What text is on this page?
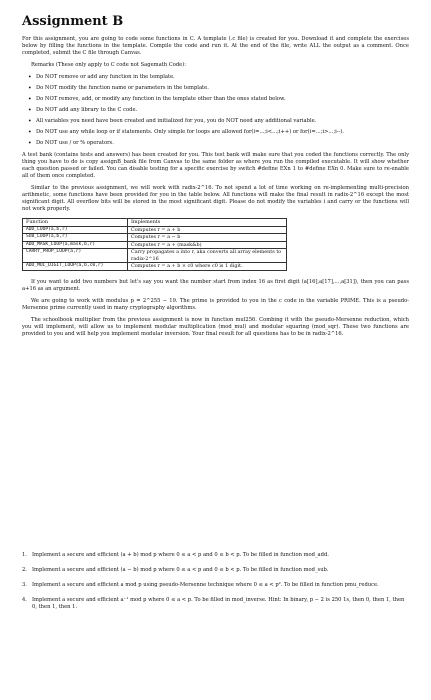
Assignment B

For this assignment, you are going to code some functions in C. A template (.c file) is created for you. Download it and complete the exercises below by filling the functions in the template. Compile the code and run it. At the end of the file, write ALL the output as a comment. Once completed, submit the C file through Canvas.

Remarks (These only apply to C code not Sagemath Code):

• Do NOT remove or add any function in the template.
• Do NOT modify the function name or parameters in the template.
• Do NOT remove, add, or modify any function in the template other than the ones stated below.
• Do NOT add any library to the C code.
• All variables you need have been created and initialized for you, you do NOT need any additional variable.
• Do NOT use any while loop or if statements. Only simple for loops are allowed for(i=...;i<...;i++) or for(i=...;i>...;i--).
• Do NOT use / or % operators.

A test bank (contains tests and answers) has been created for you. This test bank will make sure that you coded the functions correctly. The only thing you have to do is copy assignB_bank file from Canvas to the same folder as where you run the compiled executable. It will show whether each question passed or failed. You can disable testing for a specific exercise by switch #define EXn 1 to #define EXn 0. Make sure to re-enable all of them once completed.

Similar to the previous assignment, we will work with radix-2^16. To not spend a lot of time working on re-implementing multi-precision arithmetic, some functions have been provided for you in the table below. All functions will make the final result in radix-2^16 except the most significant digit. All overflow bits will be stored in the most significant digit. Please do not modify the variables i and carry or the functions will not work properly.

Function	Implements
ADD_LOOP(a,b,r)	Computes r = a + b
SUB_LOOP(a,b,r)	Computes r = a − b
ADD_MASK_LOOP(a,mask,b,r)	Computes r = a + (mask&b)
CARRY_PROP_LOOP(a,r)	Carry propagates a into r, aka converts all array elements to radix-2^16
ADD_MUL_DIGIT_LOOP(a,b,c0,r)	Computes r = a + b × c0 where c0 is 1 digit.

If you want to add two numbers but let's say you want the number start from index 16 as first digit (a[16],a[17],...,a[31]), then you can pass a+16 as an argument.

We are going to work with modulus p = 2^255 − 19. The prime is provided to you in the c code in the variable PRIME. This is a pseudo-Mersenne prime currently used in many cryptography algorithms.

The schoolbook multiplier from the previous assignment is now in function mul256. Combing it with the pseudo-Mersenne reduction, which you will implement, will allow us to implement modular multiplication (mod_mul) and modular squaring (mod_sqr). These two functions are provided to you and will help you implement modular inversion. Your final result for all questions has to be in radix-2^16.

1. Implement a secure and efficient (a + b) mod p where 0 ≤ a < p and 0 ≤ b < p. To be filled in function mod_add.
2. Implement a secure and efficient (a − b) mod p where 0 ≤ a < p and 0 ≤ b < p. To be filled in function mod_sub.
3. Implement a secure and efficient a mod p using pseudo-Mersenne technique where 0 ≤ a < p². To be filled in function pmu_reduce.
4. Implement a secure and efficient a⁻¹ mod p where 0 ≤ a < p. To be filled in mod_inverse. Hint: In binary, p − 2 is 250 1s, then 0, then 1, then 0, then 1, then 1.
